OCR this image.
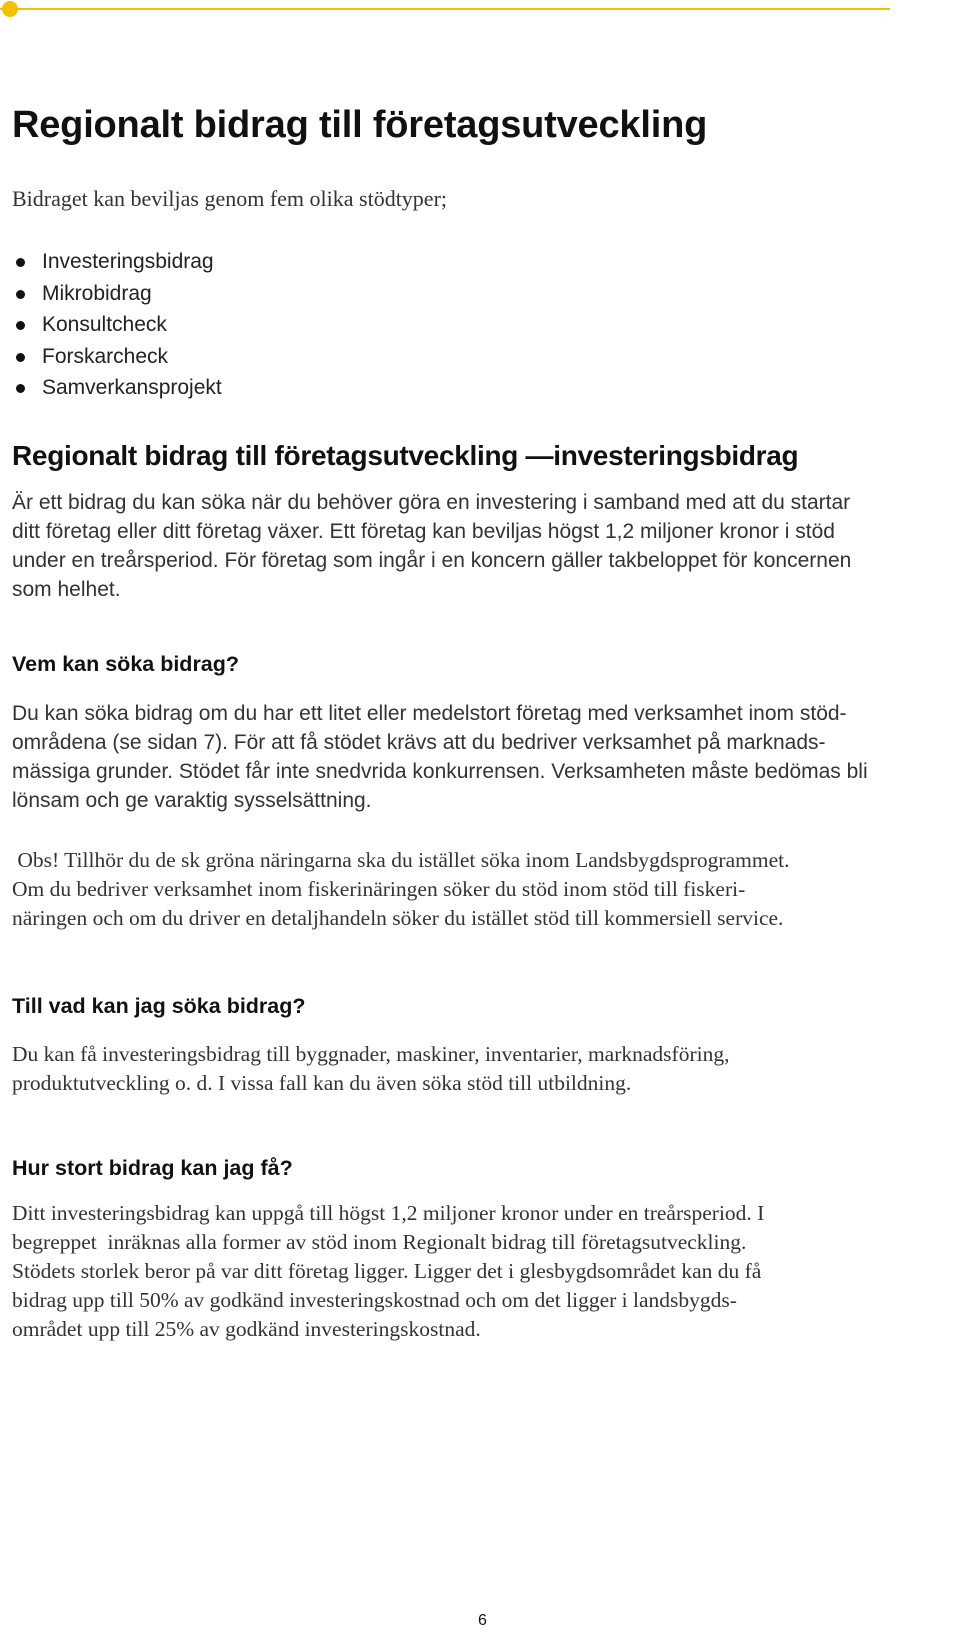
Regionalt bidrag till företagsutveckling

Bidraget kan beviljas genom fem olika stödtyper;

Investeringsbidrag
Mikrobidrag
Konsultcheck
Forskarcheck
Samverkansprojekt
Regionalt bidrag till företagsutveckling —investeringsbidrag

Är ett bidrag du kan söka när du behöver göra en investering i samband med att du startar
ditt företag eller ditt företag växer. Ett företag kan beviljas högst 1,2 miljoner kronor i stöd
under en treårsperiod. För företag som ingår i en koncern gäller takbeloppet för koncernen
som helhet.

Vem kan söka bidrag?

Du kan söka bidrag om du har ett litet eller medelstort företag med verksamhet inom stöd-
områdena (se sidan 7). För att få stödet krävs att du bedriver verksamhet på marknads-
mässiga grunder. Stödet får inte snedvrida konkurrensen. Verksamheten måste bedömas bli
lönsam och ge varaktig sysselsättning.

Obs! Tillhör du de sk gröna näringarna ska du istället söka inom Landsbygdsprogrammet.
Om du bedriver verksamhet inom fiskerinäringen söker du stöd inom stöd till fiskeri-
näringen och om du driver en detaljhandeln söker du istället stöd till kommersiell service.

Till vad kan jag söka bidrag?

Du kan få investeringsbidrag till byggnader, maskiner, inventarier, marknadsföring,
produktutveckling o. d. I vissa fall kan du även söka stöd till utbildning.

Hur stort bidrag kan jag få?

Ditt investeringsbidrag kan uppgå till högst 1,2 miljoner kronor under en treårsperiod. I
begreppet  inräknas alla former av stöd inom Regionalt bidrag till företagsutveckling.
Stödets storlek beror på var ditt företag ligger. Ligger det i glesbygdsområdet kan du få
bidrag upp till 50% av godkänd investeringskostnad och om det ligger i landsbygds-
området upp till 25% av godkänd investeringskostnad.

6
